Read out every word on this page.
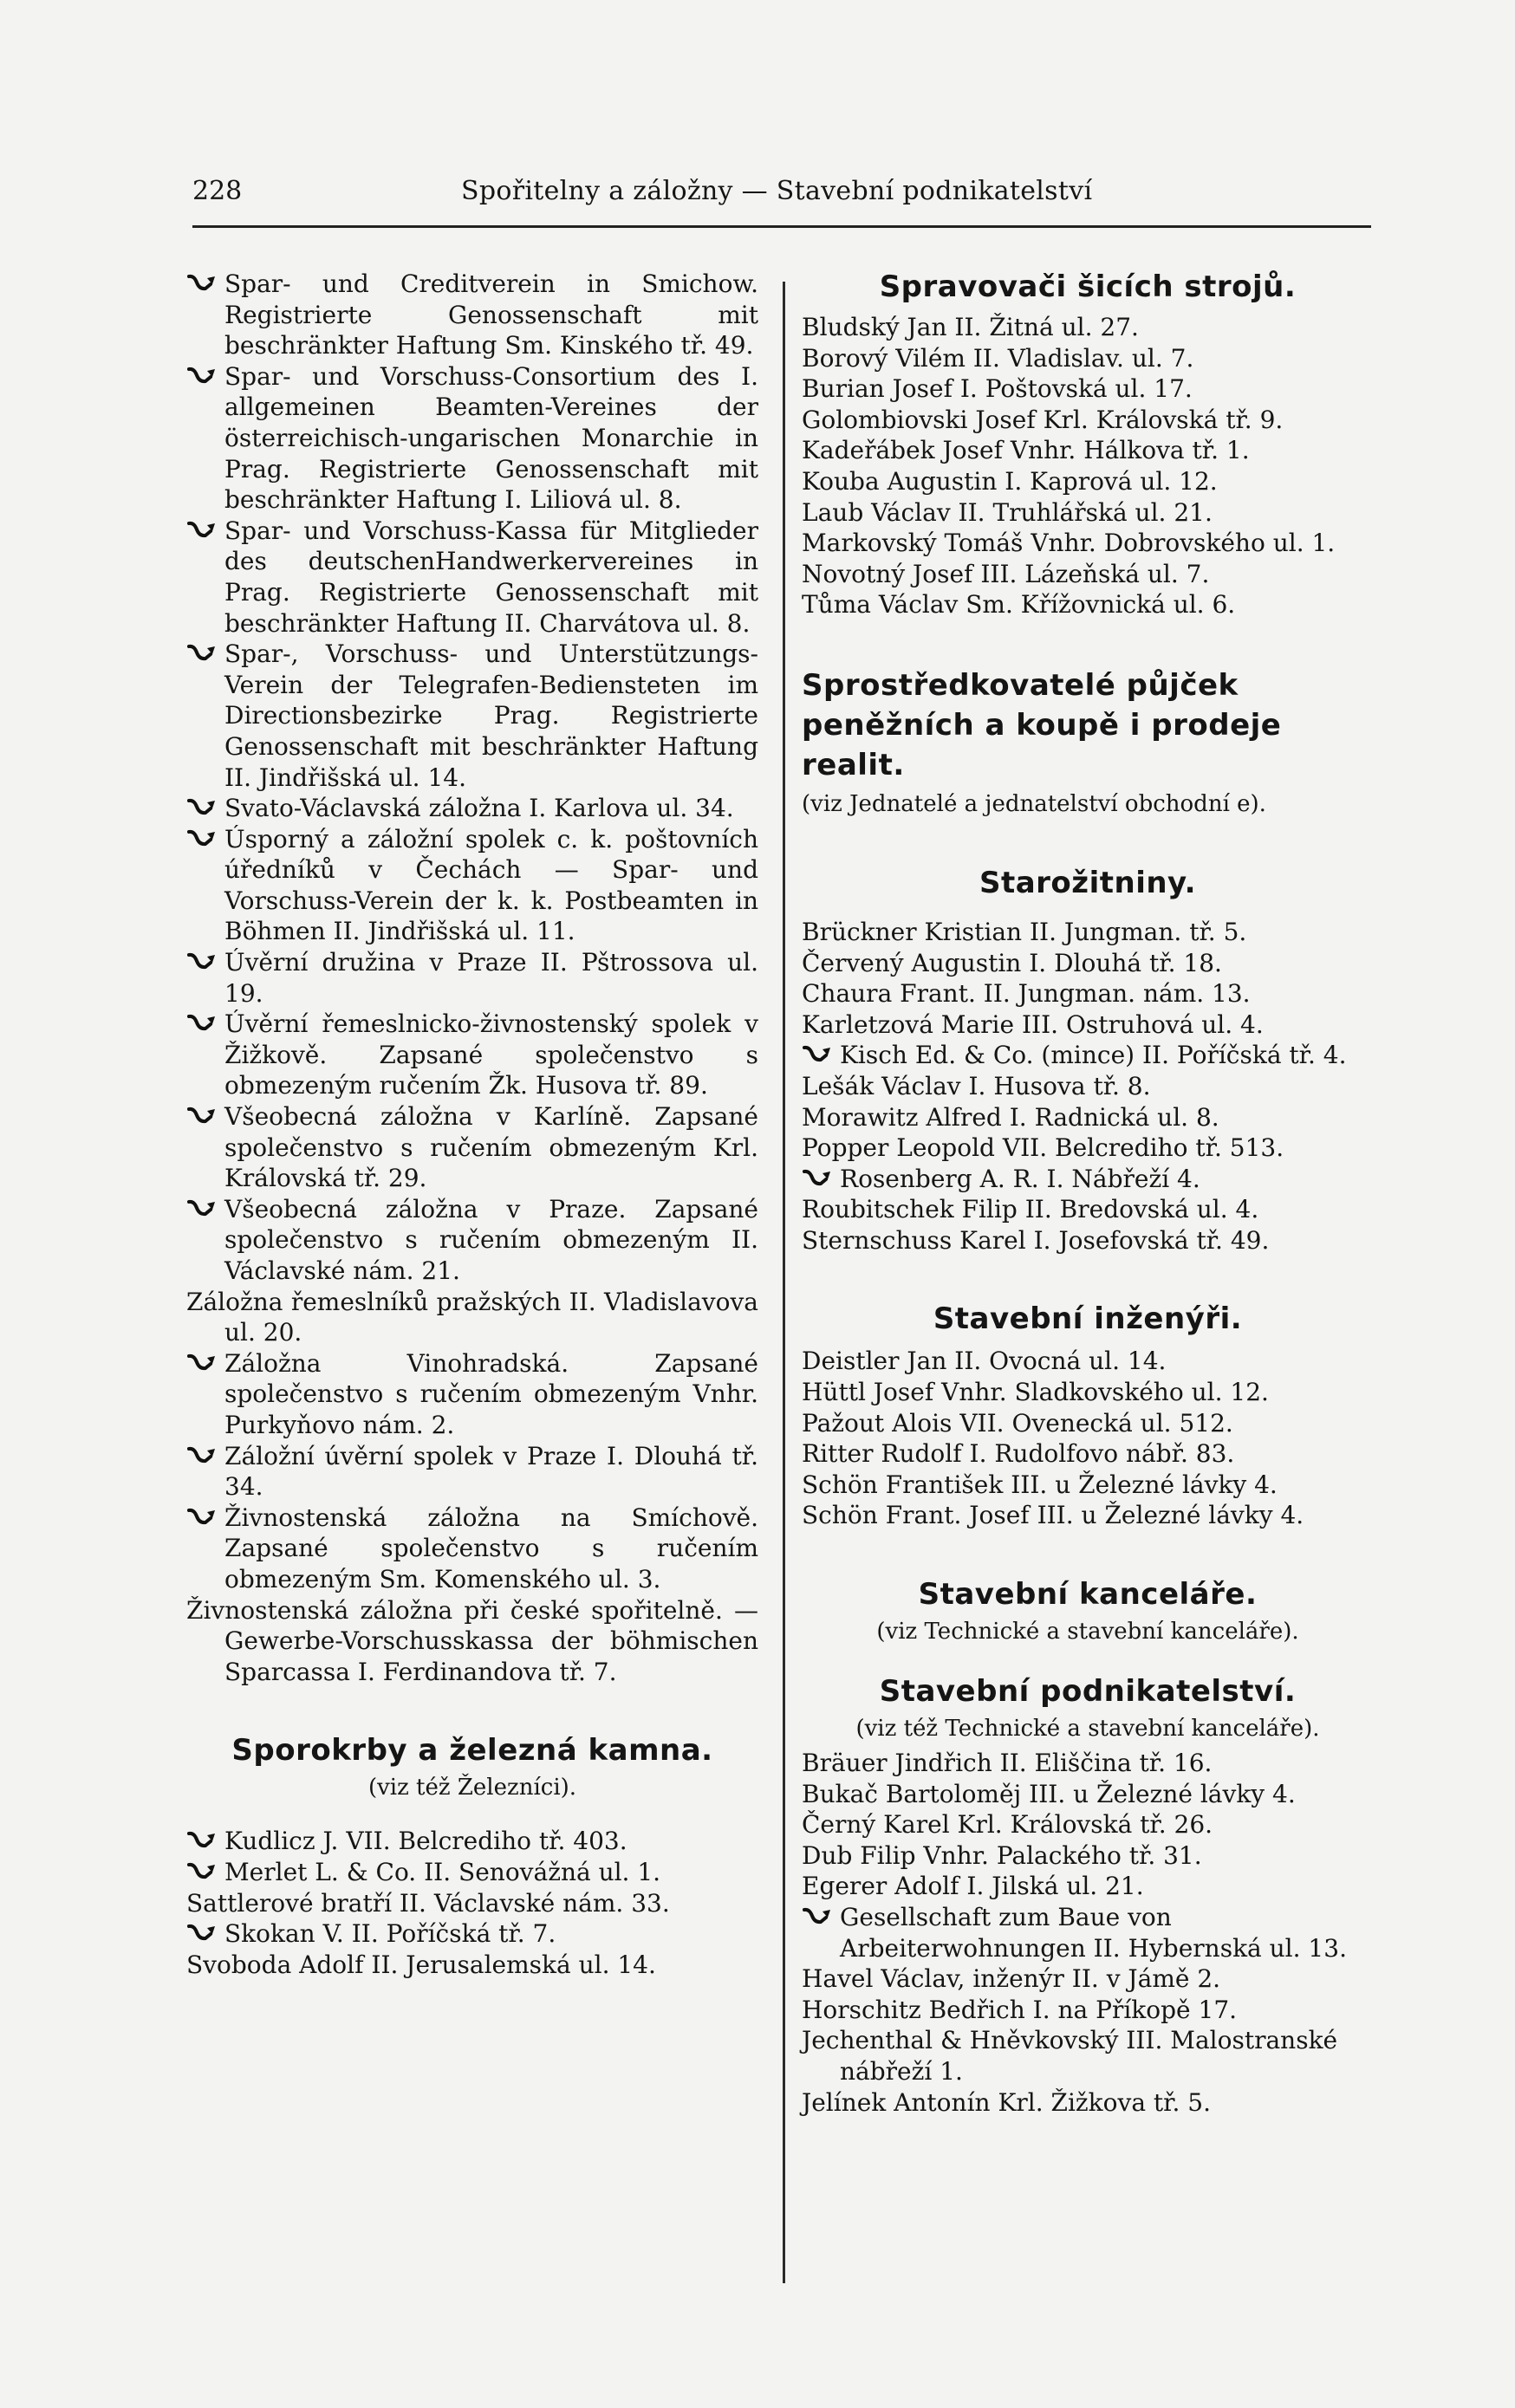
228	Spořitelny a záložny — Stavební podnikatelství

Spar- und Creditverein in Smichow. Registrierte Genossenschaft mit beschränkter Haftung Sm. Kinského tř. 49.

Spar- und Vorschuss-Consortium des I. allgemeinen Beamten-Vereines der österreichisch-ungarischen Monarchie in Prag. Registrierte Genossenschaft mit beschränkter Haftung I. Liliová ul. 8.

Spar- und Vorschuss-Kassa für Mitglieder des deutschenHandwerkervereines in Prag. Registrierte Genossenschaft mit beschränkter Haftung II. Charvátova ul. 8.

Spar-, Vorschuss- und Unterstützungs-Verein der Telegrafen-Bediensteten im Directionsbezirke Prag. Registrierte Genossenschaft mit beschränkter Haftung II. Jindřišská ul. 14.

Svato-Václavská záložna I. Karlova ul. 34.

Úsporný a záložní spolek c. k. poštovních úředníků v Čechách — Spar- und Vorschuss-Verein der k. k. Postbeamten in Böhmen II. Jindřišská ul. 11.

Úvěrní družina v Praze II. Pštrossova ul. 19.

Úvěrní řemeslnicko-živnostenský spolek v Žižkově. Zapsané společenstvo s obmezeným ručením Žk. Husova tř. 89.

Všeobecná záložna v Karlíně. Zapsané společenstvo s ručením obmezeným Krl. Královská tř. 29.

Všeobecná záložna v Praze. Zapsané společenstvo s ručením obmezeným II. Václavské nám. 21.

Záložna řemeslníků pražských II. Vladislavova ul. 20.

Záložna Vinohradská. Zapsané společenstvo s ručením obmezeným Vnhr. Purkyňovo nám. 2.

Záložní úvěrní spolek v Praze I. Dlouhá tř. 34.

Živnostenská záložna na Smíchově. Zapsané společenstvo s ručením obmezeným Sm. Komenského ul. 3.

Živnostenská záložna při české spořitelně. — Gewerbe-Vorschusskassa der böhmischen Sparcassa I. Ferdinandova tř. 7.

Sporokrby a železná kamna.
(viz též Železníci).

Kudlicz J. VII. Belcrediho tř. 403.

Merlet L. & Co. II. Senovážná ul. 1.

Sattlerové bratří II. Václavské nám. 33.

Skokan V. II. Poříčská tř. 7.

Svoboda Adolf II. Jerusalemská ul. 14.

Spravovači šicích strojů.

Bludský Jan II. Žitná ul. 27.

Borový Vilém II. Vladislav. ul. 7.

Burian Josef I. Poštovská ul. 17.

Golombiovski Josef Krl. Královská tř. 9.

Kadeřábek Josef Vnhr. Hálkova tř. 1.

Kouba Augustin I. Kaprová ul. 12.

Laub Václav II. Truhlářská ul. 21.

Markovský Tomáš Vnhr. Dobrovského ul. 1.

Novotný Josef III. Lázeňská ul. 7.

Tůma Václav Sm. Křížovnická ul. 6.

Sprostředkovatelé půjček peněžních a koupě i prodeje realit.
(viz Jednatelé a jednatelství obchodní e).
Starožitniny.

Brückner Kristian II. Jungman. tř. 5.

Červený Augustin I. Dlouhá tř. 18.

Chaura Frant. II. Jungman. nám. 13.

Karletzová Marie III. Ostruhová ul. 4.

Kisch Ed. & Co. (mince) II. Poříčská tř. 4.

Lešák Václav I. Husova tř. 8.

Morawitz Alfred I. Radnická ul. 8.

Popper Leopold VII. Belcrediho tř. 513.

Rosenberg A. R. I. Nábřeží 4.

Roubitschek Filip II. Bredovská ul. 4.

Sternschuss Karel I. Josefovská tř. 49.

Stavební inženýři.

Deistler Jan II. Ovocná ul. 14.

Hüttl Josef Vnhr. Sladkovského ul. 12.

Pažout Alois VII. Ovenecká ul. 512.

Ritter Rudolf I. Rudolfovo nábř. 83.

Schön František III. u Železné lávky 4.

Schön Frant. Josef III. u Železné lávky 4.

Stavební kanceláře.
(viz Technické a stavební kanceláře).
Stavební podnikatelství.
(viz též Technické a stavební kanceláře).

Bräuer Jindřich II. Eliščina tř. 16.

Bukač Bartoloměj III. u Železné lávky 4.

Černý Karel Krl. Královská tř. 26.

Dub Filip Vnhr. Palackého tř. 31.

Egerer Adolf I. Jilská ul. 21.

Gesellschaft zum Baue von Arbeiterwohnungen II. Hybernská ul. 13.

Havel Václav, inženýr II. v Jámě 2.

Horschitz Bedřich I. na Příkopě 17.

Jechenthal & Hněvkovský III. Malostranské nábřeží 1.

Jelínek Antonín Krl. Žižkova tř. 5.
